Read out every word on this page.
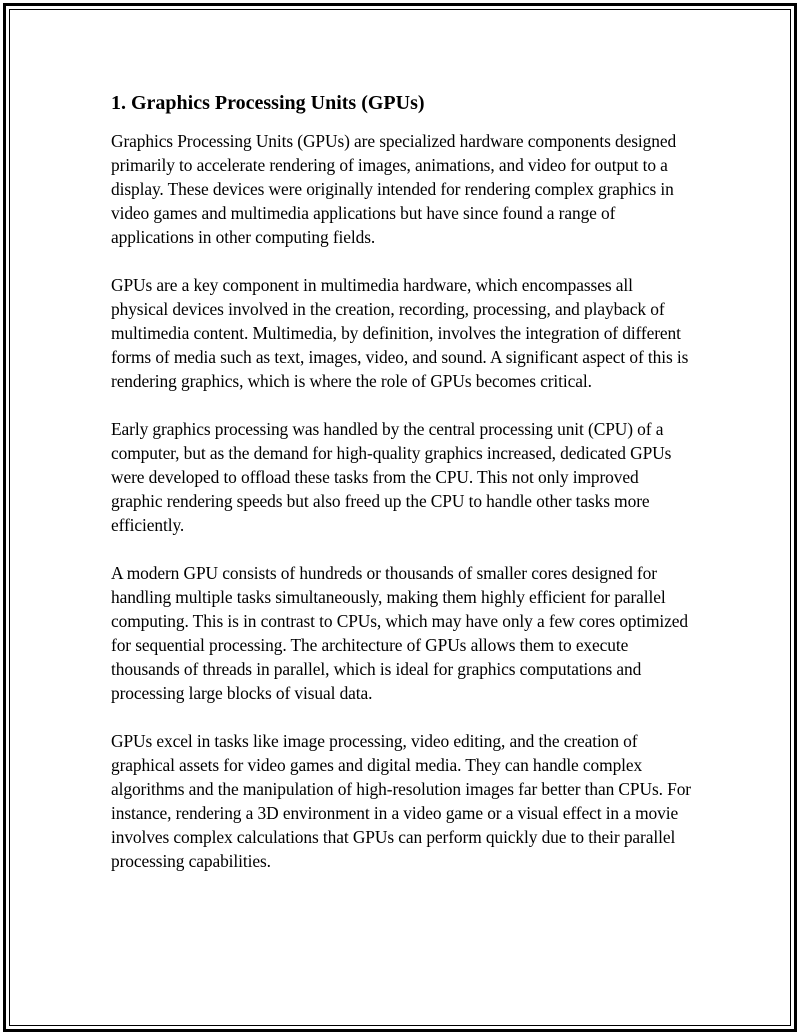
1. Graphics Processing Units (GPUs)

Graphics Processing Units (GPUs) are specialized hardware components designed primarily to accelerate rendering of images, animations, and video for output to a display. These devices were originally intended for rendering complex graphics in video games and multimedia applications but have since found a range of applications in other computing fields.

GPUs are a key component in multimedia hardware, which encompasses all physical devices involved in the creation, recording, processing, and playback of multimedia content. Multimedia, by definition, involves the integration of different forms of media such as text, images, video, and sound. A significant aspect of this is rendering graphics, which is where the role of GPUs becomes critical.

Early graphics processing was handled by the central processing unit (CPU) of a computer, but as the demand for high-quality graphics increased, dedicated GPUs were developed to offload these tasks from the CPU. This not only improved graphic rendering speeds but also freed up the CPU to handle other tasks more efficiently.

A modern GPU consists of hundreds or thousands of smaller cores designed for handling multiple tasks simultaneously, making them highly efficient for parallel computing. This is in contrast to CPUs, which may have only a few cores optimized for sequential processing. The architecture of GPUs allows them to execute thousands of threads in parallel, which is ideal for graphics computations and processing large blocks of visual data.

GPUs excel in tasks like image processing, video editing, and the creation of graphical assets for video games and digital media. They can handle complex algorithms and the manipulation of high-resolution images far better than CPUs. For instance, rendering a 3D environment in a video game or a visual effect in a movie involves complex calculations that GPUs can perform quickly due to their parallel processing capabilities.
